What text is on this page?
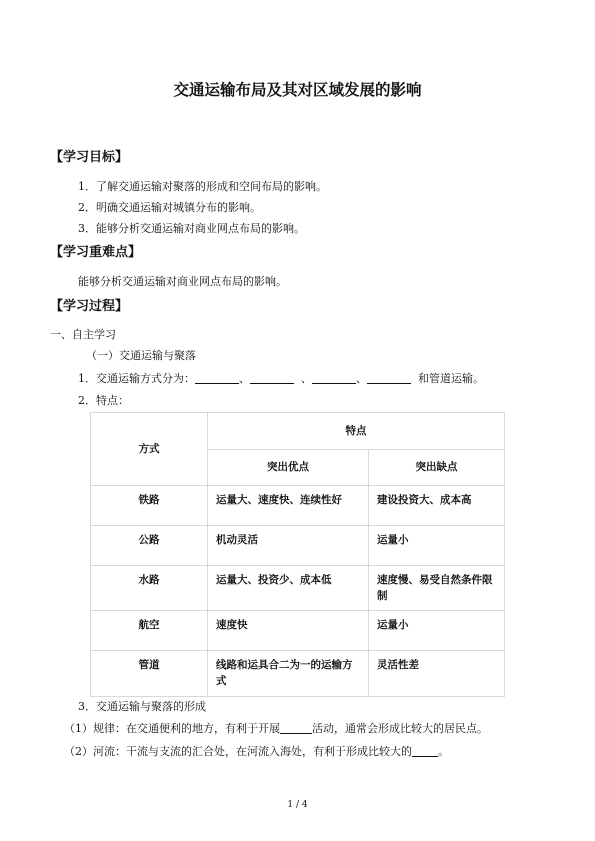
交通运输布局及其对区域发展的影响
【学习目标】
1．了解交通运输对聚落的形成和空间布局的影响。
2．明确交通运输对城镇分布的影响。
3．能够分析交通运输对商业网点布局的影响。
【学习重难点】
能够分析交通运输对商业网点布局的影响。
【学习过程】
一、自主学习
（一）交通运输与聚落
1．交通运输方式分为：	、	、	、	和管道运输。
2．特点：
方式	特点	
	突出优点	突出缺点
铁路	运量大、速度快、连续性好	建设投资大、成本高
公路	机动灵活	运量小
水路	运量大、投资少、成本低	速度慢、易受自然条件限制
航空	速度快	运量小
管道	线路和运具合二为一的运输方式	灵活性差
3．交通运输与聚落的形成
（1）规律：在交通便利的地方，有利于开展	活动，通常会形成比较大的居民点。
（2）河流：干流与支流的汇合处，在河流入海处，有利于形成比较大的 。
1 / 4
